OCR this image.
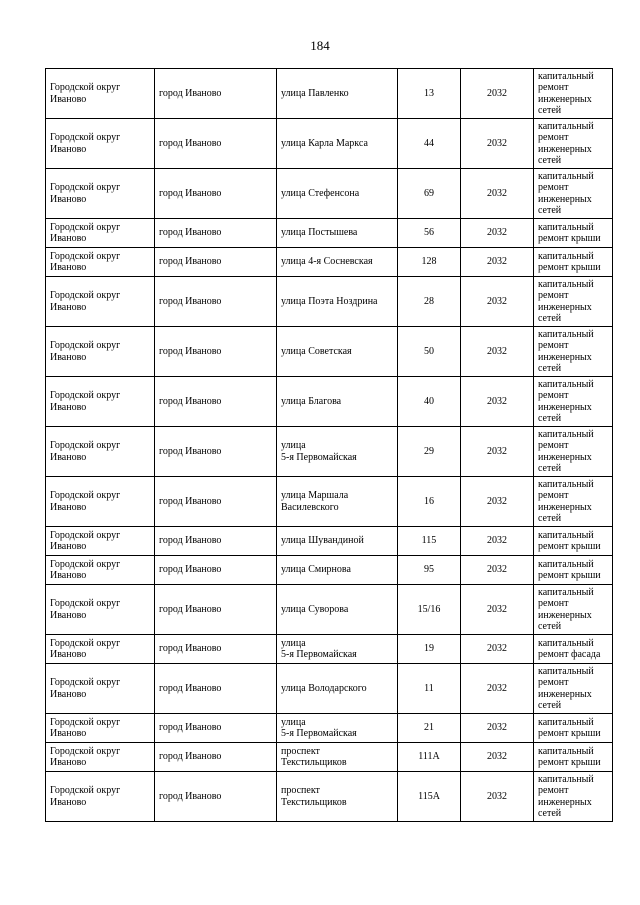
184
Городской округ
Иваново	город Иваново	улица Павленко	13	2032	капитальный
ремонт
инженерных
сетей
Городской округ
Иваново	город Иваново	улица Карла Маркса	44	2032	капитальный
ремонт
инженерных
сетей
Городской округ
Иваново	город Иваново	улица Стефенсона	69	2032	капитальный
ремонт
инженерных
сетей
Городской округ
Иваново	город Иваново	улица Постышева	56	2032	капитальный
ремонт крыши
Городской округ
Иваново	город Иваново	улица 4-я Сосневская	128	2032	капитальный
ремонт крыши
Городской округ
Иваново	город Иваново	улица Поэта Ноздрина	28	2032	капитальный
ремонт
инженерных
сетей
Городской округ
Иваново	город Иваново	улица Советская	50	2032	капитальный
ремонт
инженерных
сетей
Городской округ
Иваново	город Иваново	улица Благова	40	2032	капитальный
ремонт
инженерных
сетей
Городской округ
Иваново	город Иваново	улица
5-я Первомайская	29	2032	капитальный
ремонт
инженерных
сетей
Городской округ
Иваново	город Иваново	улица Маршала
Василевского	16	2032	капитальный
ремонт
инженерных
сетей
Городской округ
Иваново	город Иваново	улица Шувандиной	115	2032	капитальный
ремонт крыши
Городской округ
Иваново	город Иваново	улица Смирнова	95	2032	капитальный
ремонт крыши
Городской округ
Иваново	город Иваново	улица Суворова	15/16	2032	капитальный
ремонт
инженерных
сетей
Городской округ
Иваново	город Иваново	улица
5-я Первомайская	19	2032	капитальный
ремонт фасада
Городской округ
Иваново	город Иваново	улица Володарского	11	2032	капитальный
ремонт
инженерных
сетей
Городской округ
Иваново	город Иваново	улица
5-я Первомайская	21	2032	капитальный
ремонт крыши
Городской округ
Иваново	город Иваново	проспект
Текстильщиков	111А	2032	капитальный
ремонт крыши
Городской округ
Иваново	город Иваново	проспект
Текстильщиков	115А	2032	капитальный
ремонт
инженерных
сетей
